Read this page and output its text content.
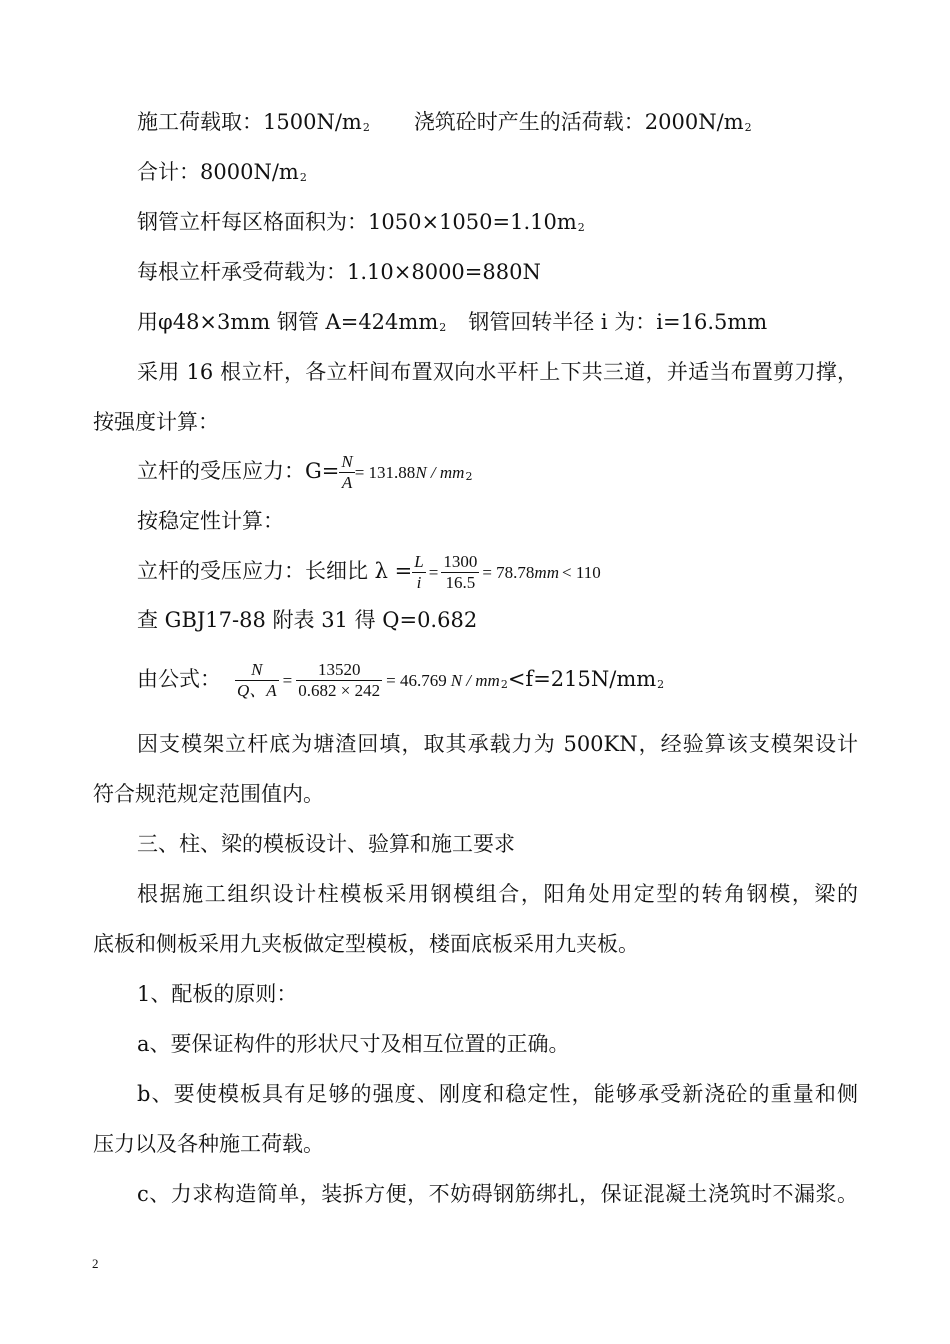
施工荷载取：1500N/m2 浇筑砼时产生的活荷载：2000N/m2
合计：8000N/m2
钢管立杆每区格面积为：1050×1050=1.10m2
每根立杆承受荷载为：1.10×8000=880N
用φ48×3mm 钢管 A=424mm2 钢管回转半径 i 为：i=16.5mm
采用 16 根立杆，各立杆间布置双向水平杆上下共三道，并适当布置剪刀撑，
按强度计算：
立杆的受压应力：$G= \frac{N}{A} = 131.88N / mm2$
按稳定性计算：
立杆的受压应力：长细比 $\lambda = \frac{L}{i} = \frac{1300}{16.5} = 78.78mm < 110$
查 GBJ17-88 附表 31 得 Q=0.682
由公式： $\frac{N}{Q、A} = \frac{13520}{0.682 \times 242} = 46.769$ N / mm2<f=215N/mm2
因支模架立杆底为塘渣回填，取其承载力为 500KN，经验算该支模架设计
符合规范规定范围值内。
三、柱、梁的模板设计、验算和施工要求
根据施工组织设计柱模板采用钢模组合，阳角处用定型的转角钢模，梁的
底板和侧板采用九夹板做定型模板，楼面底板采用九夹板。
1、配板的原则：
a、要保证构件的形状尺寸及相互位置的正确。
b、要使模板具有足够的强度、刚度和稳定性，能够承受新浇砼的重量和侧
压力以及各种施工荷载。
c、力求构造简单，装拆方便，不妨碍钢筋绑扎，保证混凝土浇筑时不漏浆。
2
